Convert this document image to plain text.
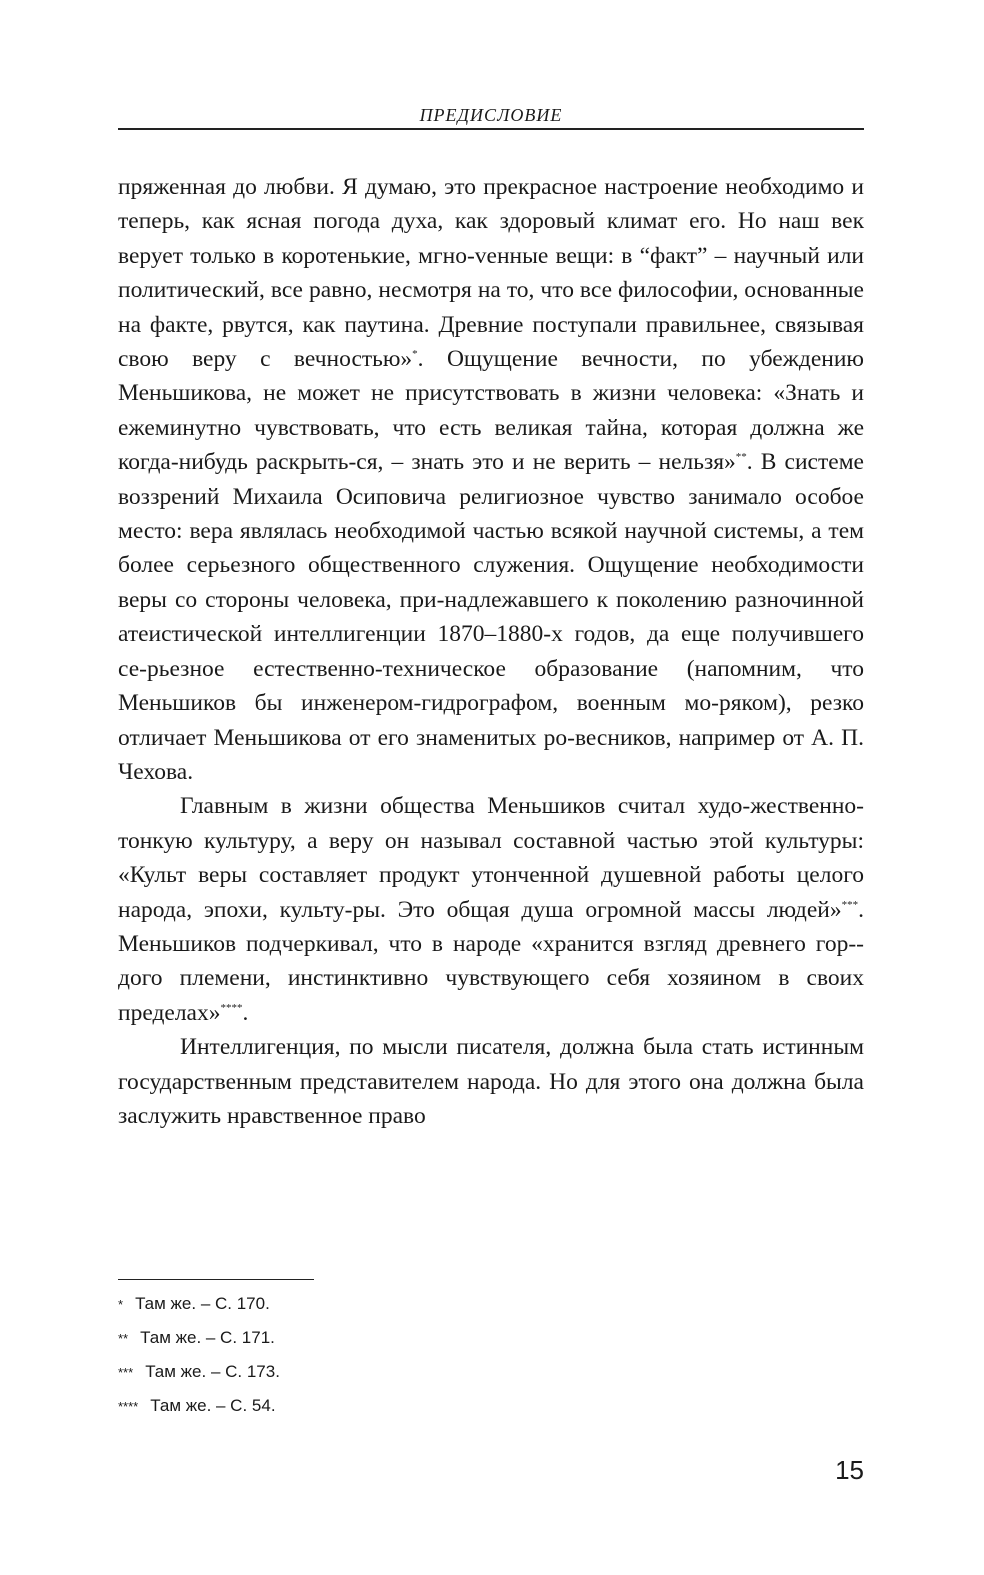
ПРЕДИСЛОВИЕ

пряженная до любви. Я думаю, это прекрасное настроение необходимо и теперь, как ясная погода духа, как здоровый климат его. Но наш век верует только в коротенькие, мгно-vенные вещи: в “факт” – научный или политический, все равно, несмотря на то, что все философии, основанные на факте, рвутся, как паутина. Древние поступали правильнее, связывая свою веру с вечностью»*. Ощущение вечности, по убеждению Меньшикова, не может не присутствовать в жизни человека: «Знать и ежеминутно чувствовать, что есть великая тайна, которая должна же когда-нибудь раскрыть-ся, – знать это и не верить – нельзя»**. В системе воззрений Михаила Осиповича религиозное чувство занимало особое место: вера являлась необходимой частью всякой научной системы, а тем более серьезного общественного служения. Ощущение необходимости веры со стороны человека, при-надлежавшего к поколению разночинной атеистической интеллигенции 1870–1880-х годов, да еще получившего се-рьезное естественно-техническое образование (напомним, что Меньшиков бы инженером-гидрографом, военным мо-ряком), резко отличает Меньшикова от его знаменитых ро-весников, например от А. П. Чехова.

Главным в жизни общества Меньшиков считал худо-жественно-тонкую культуру, а веру он называл составной частью этой культуры: «Культ веры составляет продукт утонченной душевной работы целого народа, эпохи, культу-ры. Это общая душа огромной массы людей»***. Меньшиков подчеркивал, что в народе «хранится взгляд древнего гор-дого племени, инстинктивно чувствующего себя хозяином в своих пределах»****.

Интеллигенция, по мысли писателя, должна была стать истинным государственным представителем народа. Но для этого она должна была заслужить нравственное право

* Там же. – С. 170.
** Там же. – С. 171.
*** Там же. – С. 173.
**** Там же. – С. 54.
15
